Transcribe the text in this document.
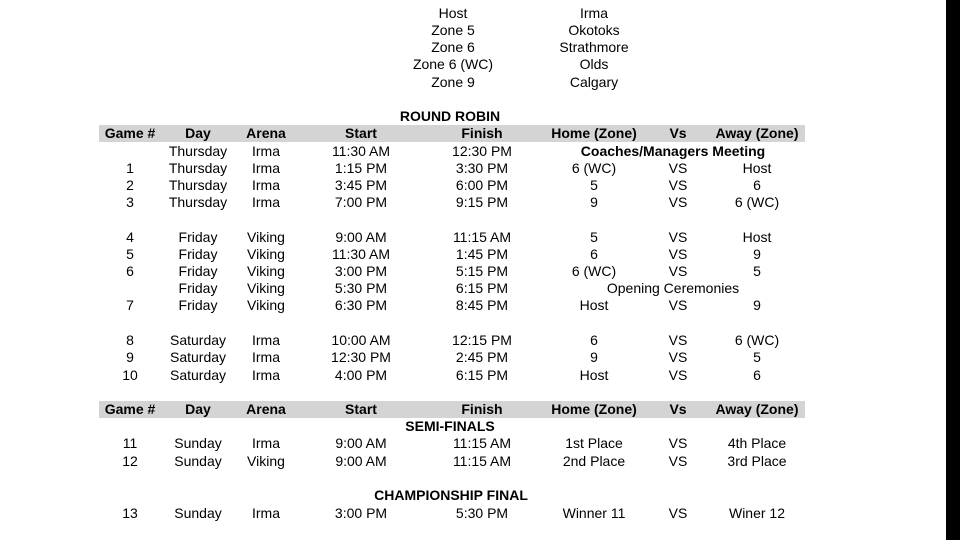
Host	Irma
Zone 5	Okotoks
Zone 6	Strathmore
Zone 6 (WC)	Olds
Zone 9	Calgary
ROUND ROBIN
Game # Day	Arena	Start	Finish	Home (Zone) Vs Away (Zone)
Thursday Irma	11:30 AM	12:30 PM	Coaches/Managers Meeting
1 Thursday Irma	1:15 PM	3:30 PM	6 (WC)	VS	Host
2 Thursday Irma	3:45 PM	6:00 PM	5	VS	6
3 Thursday Irma	7:00 PM	9:15 PM	9	VS	6 (WC)
4	Friday Viking	9:00 AM	11:15 AM	5	VS	Host
5	Friday Viking	11:30 AM	1:45 PM	6	VS	9
6	Friday Viking	3:00 PM	5:15 PM	6 (WC)	VS	5
Friday Viking	5:30 PM	6:15 PM	Opening Ceremonies
7	Friday Viking	6:30 PM	8:45 PM	Host	VS	9
8	Saturday Irma	10:00 AM	12:15 PM	6	VS	6 (WC)
9	Saturday Irma	12:30 PM	2:45 PM	9	VS	5
10 Saturday Irma	4:00 PM	6:15 PM	Host	VS	6
Game # Day	Arena	Start	Finish	Home (Zone) Vs Away (Zone)
SEMI-FINALS
11	Sunday Irma	9:00 AM	11:15 AM	1st Place	VS	4th Place
12	Sunday Viking	9:00 AM	11:15 AM	2nd Place	VS	3rd Place
CHAMPIONSHIP FINAL
13	Sunday Irma	3:00 PM	5:30 PM	Winner 11	VS	Winer 12
